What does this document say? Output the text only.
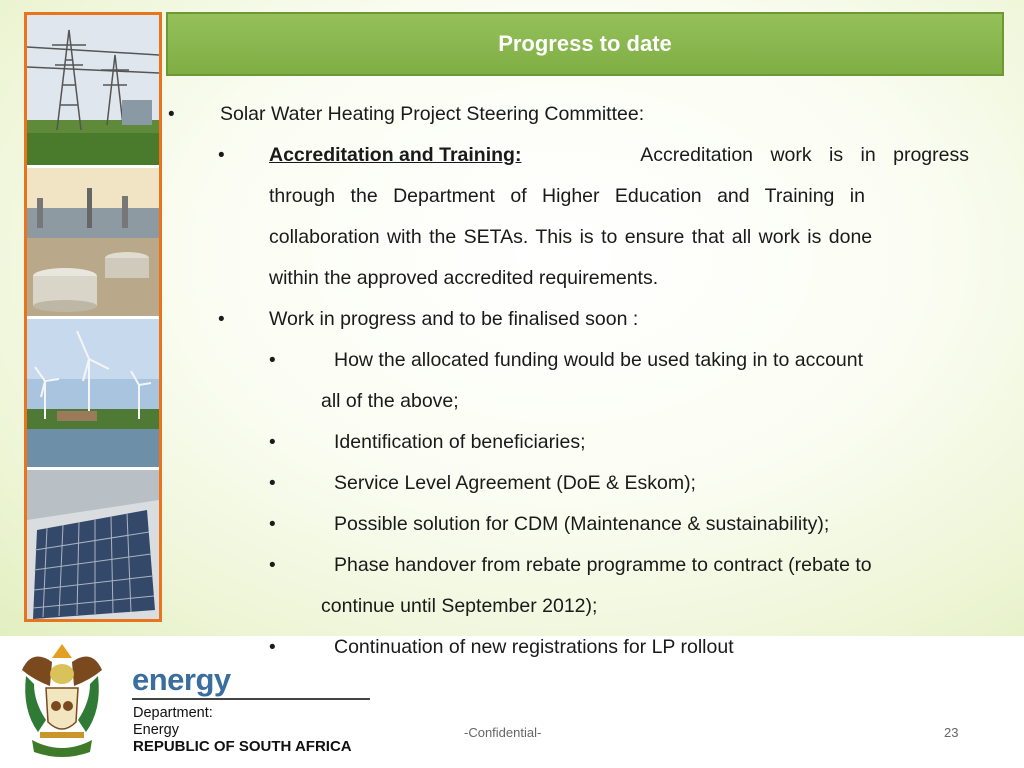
Progress to date
• Solar Water Heating Project Steering Committee:
• Accreditation and Training:	Accreditation work is in progress
through the Department of Higher Education and Training in
collaboration with the SETAs. This is to ensure that all work is done
within the approved accredited requirements.
• Work in progress and to be finalised soon :
•	How the allocated funding would be used taking in to account
all of the above;
•	Identification of beneficiaries;
•	Service Level Agreement (DoE & Eskom);
•	Possible solution for CDM (Maintenance & sustainability);
•	Phase handover from rebate programme to contract (rebate to
continue until September 2012);
•	Continuation of new registrations for LP rollout
energy
Department:
Energy
REPUBLIC OF SOUTH AFRICA
-Confidential-	23
